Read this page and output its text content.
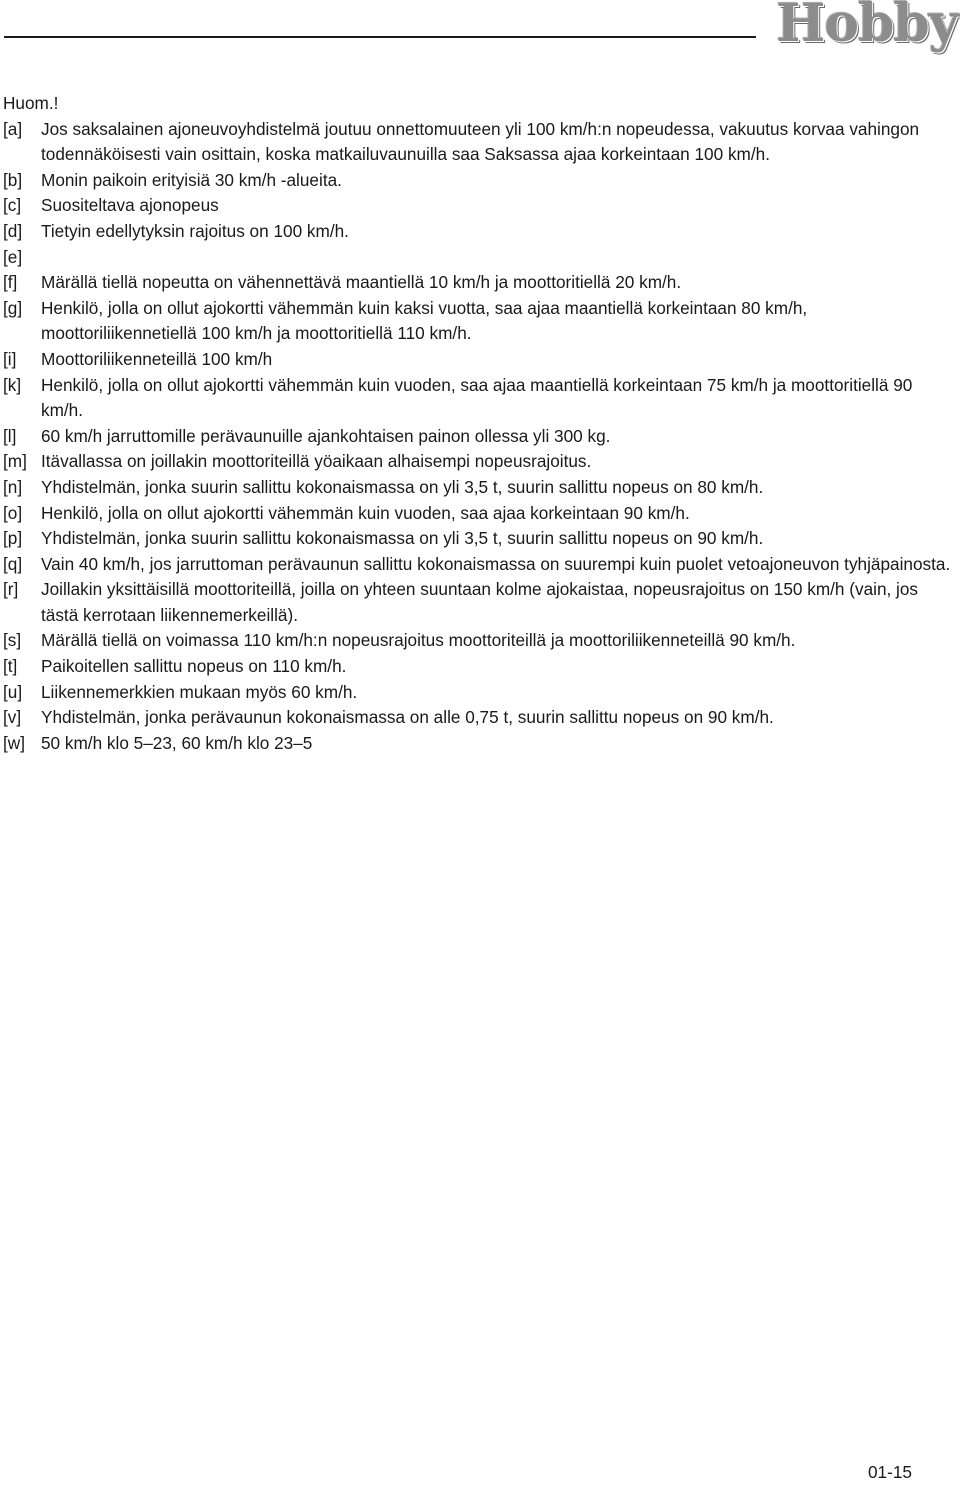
Hobby

Huom.!

[a]	Jos saksalainen ajoneuvoyhdistelmä joutuu onnettomuuteen yli 100 km/h:n nopeudessa, vakuutus korvaa vahingon todennäköisesti vain osittain, koska matkailuvaunuilla saa Saksassa ajaa korkeintaan 100 km/h.
[b]	Monin paikoin erityisiä 30 km/h -alueita.
[c]	Suositeltava ajonopeus
[d]	Tietyin edellytyksin rajoitus on 100 km/h.
[e]
[f]	Märällä tiellä nopeutta on vähennettävä maantiellä 10 km/h ja moottoritiellä 20 km/h.
[g]	Henkilö, jolla on ollut ajokortti vähemmän kuin kaksi vuotta, saa ajaa maantiellä korkeintaan 80 km/h, moottoriliikennetiellä 100 km/h ja moottoritiellä 110 km/h.
[i]	Moottoriliikenneteillä 100 km/h
[k]	Henkilö, jolla on ollut ajokortti vähemmän kuin vuoden, saa ajaa maantiellä korkeintaan 75 km/h ja moottoritiellä 90 km/h.
[l]	60 km/h jarruttomille perävaunuille ajankohtaisen painon ollessa yli 300 kg.
[m] Itävallassa on joillakin moottoriteillä yöaikaan alhaisempi nopeusrajoitus.
[n]	Yhdistelmän, jonka suurin sallittu kokonaismassa on yli 3,5 t, suurin sallittu nopeus on 80 km/h.
[o]	Henkilö, jolla on ollut ajokortti vähemmän kuin vuoden, saa ajaa korkeintaan 90 km/h.
[p]	Yhdistelmän, jonka suurin sallittu kokonaismassa on yli 3,5 t, suurin sallittu nopeus on 90 km/h.
[q]	Vain 40 km/h, jos jarruttoman perävaunun sallittu kokonaismassa on suurempi kuin puolet vetoajoneuvon tyhjäpainosta.
[r]	Joillakin yksittäisillä moottoriteillä, joilla on yhteen suuntaan kolme ajokaistaa, nopeusrajoitus on 150 km/h (vain, jos tästä kerrotaan liikennemerkeillä).
[s]	Märällä tiellä on voimassa 110 km/h:n nopeusrajoitus moottoriteillä ja moottoriliikenneteillä 90 km/h.
[t]	Paikoitellen sallittu nopeus on 110 km/h.
[u]	Liikennemerkkien mukaan myös 60 km/h.
[v]	Yhdistelmän, jonka perävaunun kokonaismassa on alle 0,75 t, suurin sallittu nopeus on 90 km/h.
[w] 50 km/h klo 5–23, 60 km/h klo 23–5
01-15
